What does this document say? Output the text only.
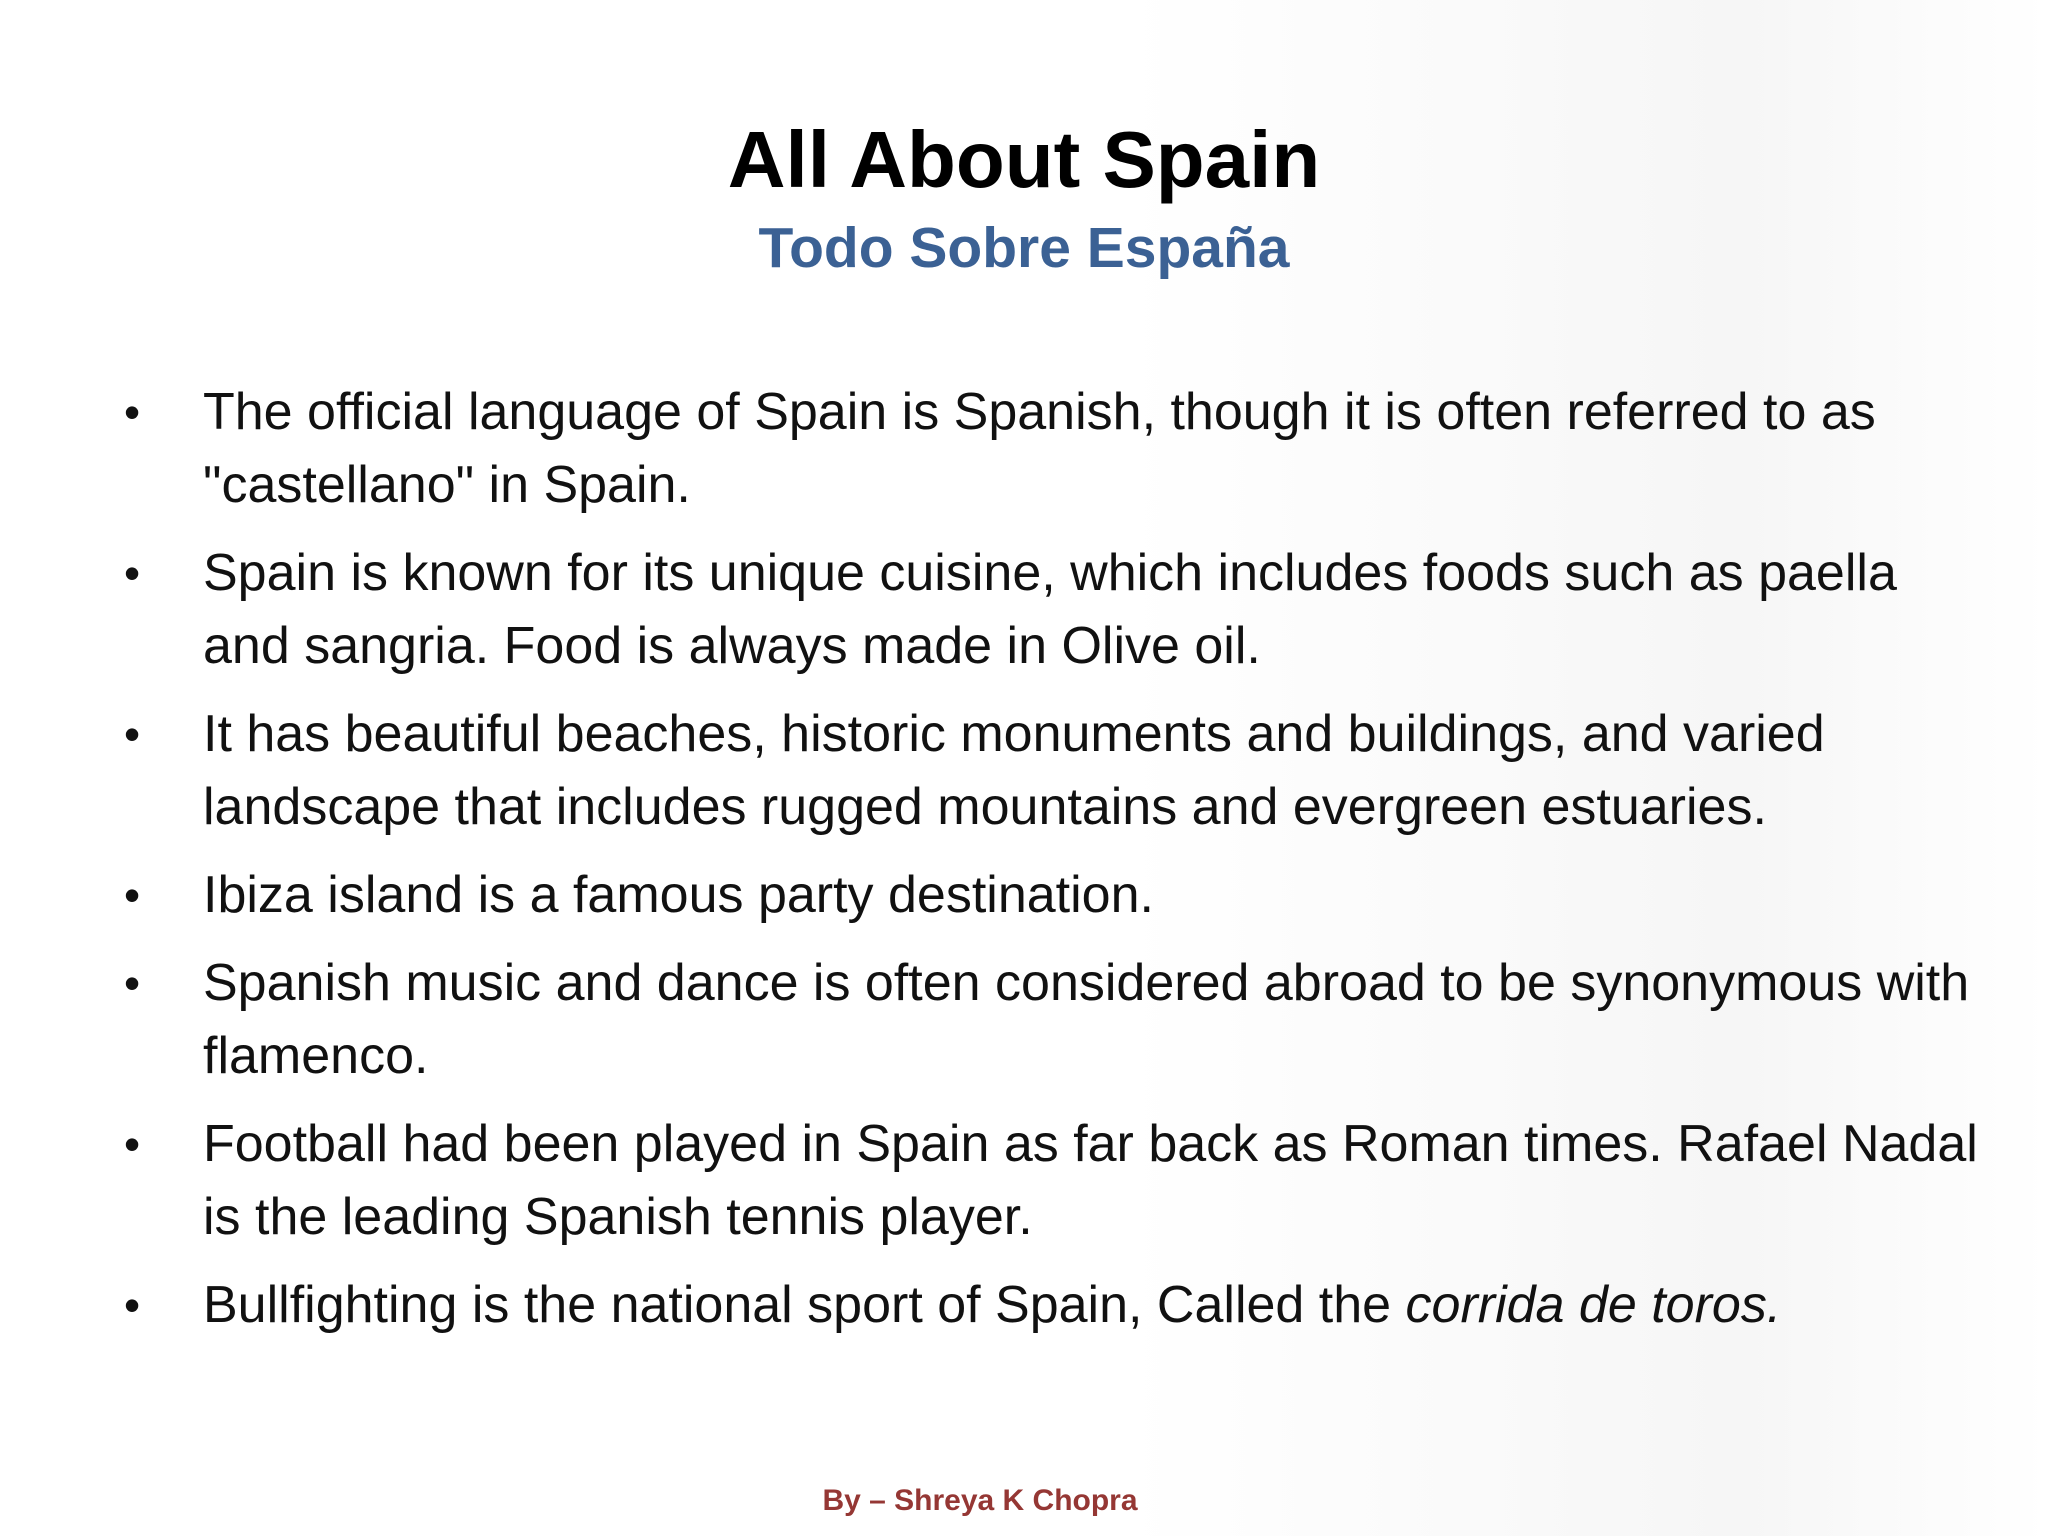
All About Spain
Todo Sobre España
• The official language of Spain is Spanish, though it is often referred to as "castellano" in Spain.
• Spain is known for its unique cuisine, which includes foods such as paella and sangria. Food is always made in Olive oil.
• It has beautiful beaches, historic monuments and buildings, and varied landscape that includes rugged mountains and evergreen estuaries.
• Ibiza island is a famous party destination.
• Spanish music and dance is often considered abroad to be synonymous with flamenco.
• Football had been played in Spain as far back as Roman times. Rafael Nadal is the leading Spanish tennis player.
• Bullfighting is the national sport of Spain, Called the corrida de toros.
By – Shreya K Chopra
